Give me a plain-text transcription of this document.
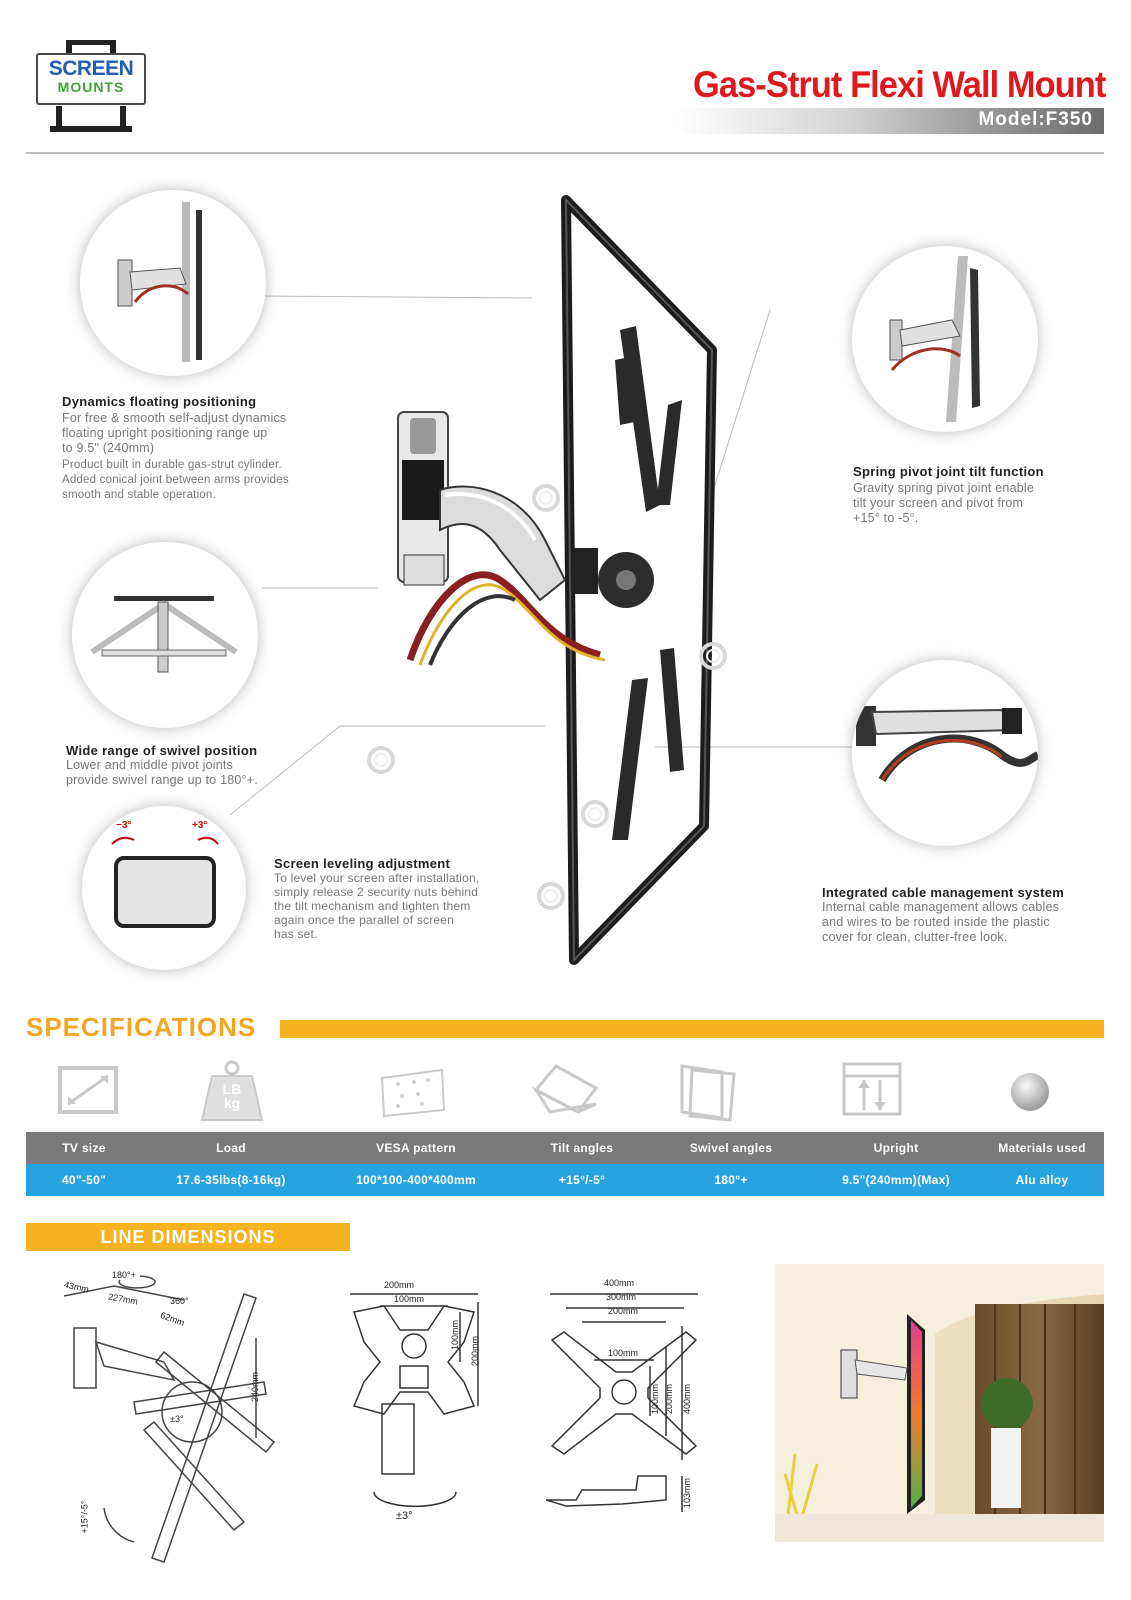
SCREEN
MOUNTS	Gas-Strut Flexi Wall Mount
Model:F350
Dynamics floating positioning

For free & smooth self-adjust dynamics

floating upright positioning range up

to 9.5" (240mm)

Product built in durable gas-strut cylinder.

Added conical joint between arms provides

smooth and stable operation.

Wide range of swivel position

Lower and middle pivot joints

provide swivel range up to 180°+.

−3°	+3°
Screen leveling adjustment

To level your screen after installation,

simply release 2 security nuts behind

the tilt mechanism and tighten them

again once the parallel of screen

has set.

Spring pivot joint tilt function

Gravity spring pivot joint enable

tilt your screen and pivot from

+15° to -5°.

Integrated cable management system

Internal cable management allows cables

and wires to be routed inside the plastic

cover for clean, clutter-free look.

SPECIFICATIONS
LB
kg
TV size	Load	VESA pattern	Tilt angles	Swivel angles	Upright	Materials used
40"-50"	17.6-35lbs(8-16kg)	100*100-400*400mm	+15°/-5°	180°+	9.5"(240mm)(Max)	Alu alloy
LINE DIMENSIONS
180°+
43mm
227mm	360°
62mm
240mm
±3°
+15°/-5°
200mm
100mm
100mm
200mm
±3°
400mm
300mm
200mm
100mm
100mm 200mm 400mm
103mm
